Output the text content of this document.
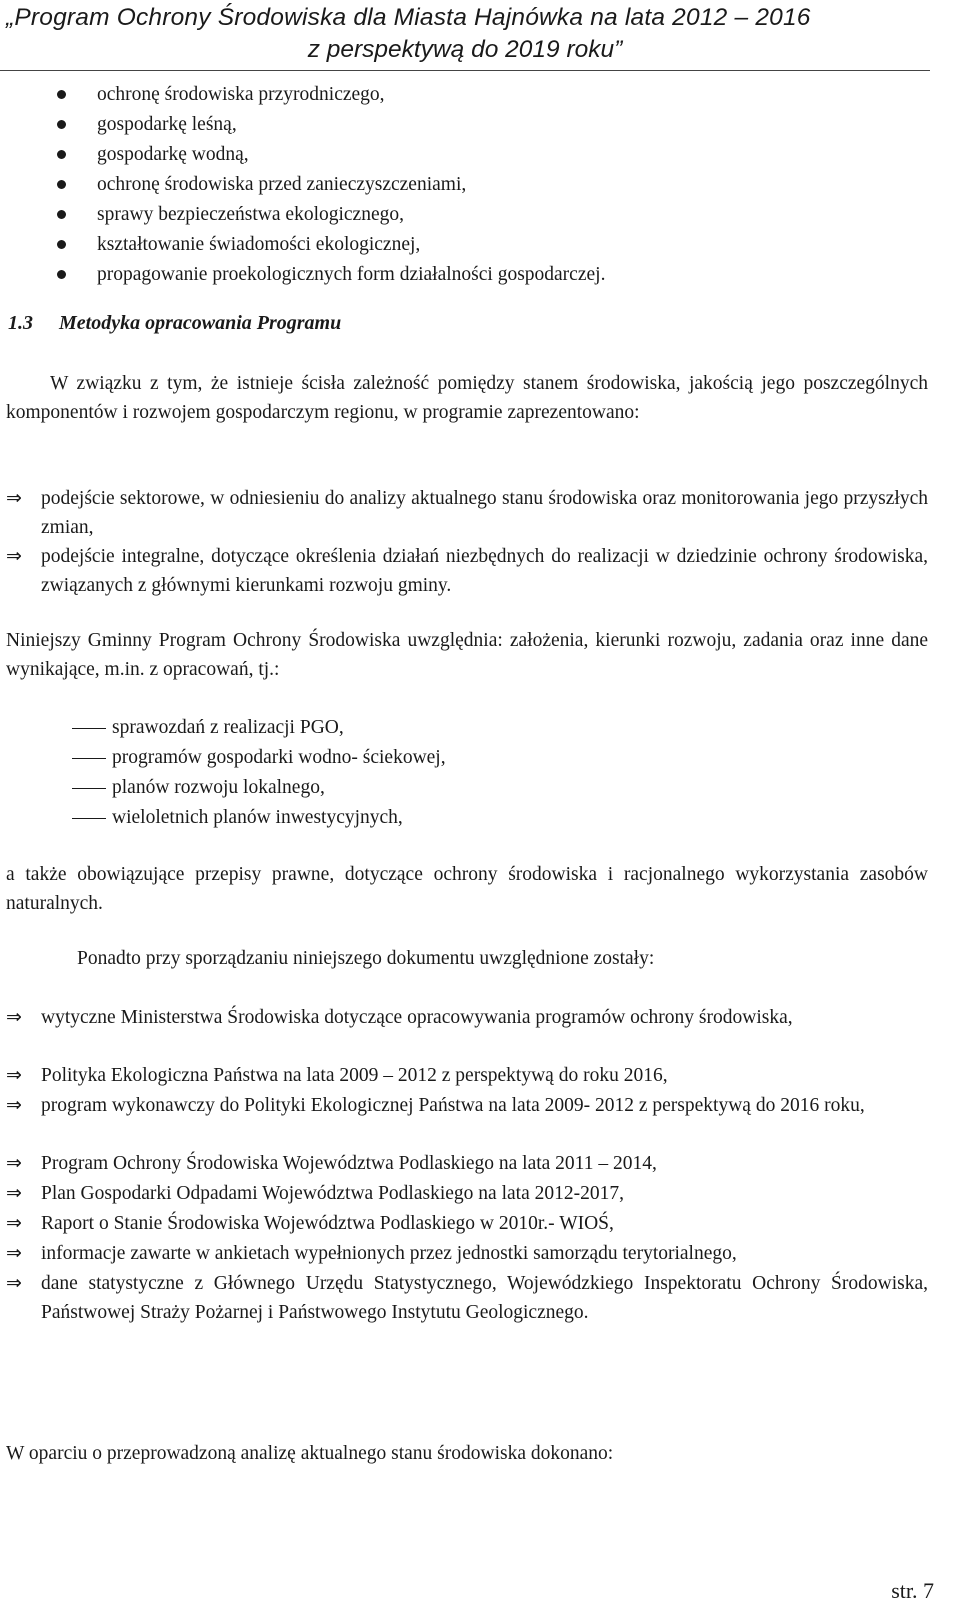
„Program Ochrony Środowiska dla Miasta Hajnówka na lata 2012 – 2016
z perspektywą do 2019 roku”
ochronę środowiska przyrodniczego,
gospodarkę leśną,
gospodarkę wodną,
ochronę środowiska przed zanieczyszczeniami,
sprawy bezpieczeństwa ekologicznego,
kształtowanie świadomości ekologicznej,
propagowanie proekologicznych form działalności gospodarczej.
1.3 Metodyka opracowania Programu

W związku z tym, że istnieje ścisła zależność pomiędzy stanem środowiska, jakością jego poszczególnych komponentów i rozwojem gospodarczym regionu, w programie zaprezentowano:

⇒ podejście sektorowe, w odniesieniu do analizy aktualnego stanu środowiska oraz monitorowania jego przyszłych zmian,
⇒ podejście integralne, dotyczące określenia działań niezbędnych do realizacji w dziedzinie ochrony środowiska, związanych z głównymi kierunkami rozwoju gminy.

Niniejszy Gminny Program Ochrony Środowiska uwzględnia: założenia, kierunki rozwoju, zadania oraz inne dane wynikające, m.in. z opracowań, tj.:

sprawozdań z realizacji PGO,
programów gospodarki wodno- ściekowej,
planów rozwoju lokalnego,
wieloletnich planów inwestycyjnych,

a także obowiązujące przepisy prawne, dotyczące ochrony środowiska i racjonalnego wykorzystania zasobów naturalnych.

Ponadto przy sporządzaniu niniejszego dokumentu uwzględnione zostały:

⇒ wytyczne Ministerstwa Środowiska dotyczące opracowywania programów ochrony środowiska,
⇒ Polityka Ekologiczna Państwa na lata 2009 – 2012 z perspektywą do roku 2016,
⇒ program wykonawczy do Polityki Ekologicznej Państwa na lata 2009- 2012 z perspektywą do 2016 roku,
⇒ Program Ochrony Środowiska Województwa Podlaskiego na lata 2011 – 2014,
⇒ Plan Gospodarki Odpadami Województwa Podlaskiego na lata 2012-2017,
⇒ Raport o Stanie Środowiska Województwa Podlaskiego w 2010r.- WIOŚ,
⇒ informacje zawarte w ankietach wypełnionych przez jednostki samorządu terytorialnego,
⇒ dane statystyczne z Głównego Urzędu Statystycznego, Wojewódzkiego Inspektoratu Ochrony Środowiska, Państwowej Straży Pożarnej i Państwowego Instytutu Geologicznego.

W oparciu o przeprowadzoną analizę aktualnego stanu środowiska dokonano:

str. 7
